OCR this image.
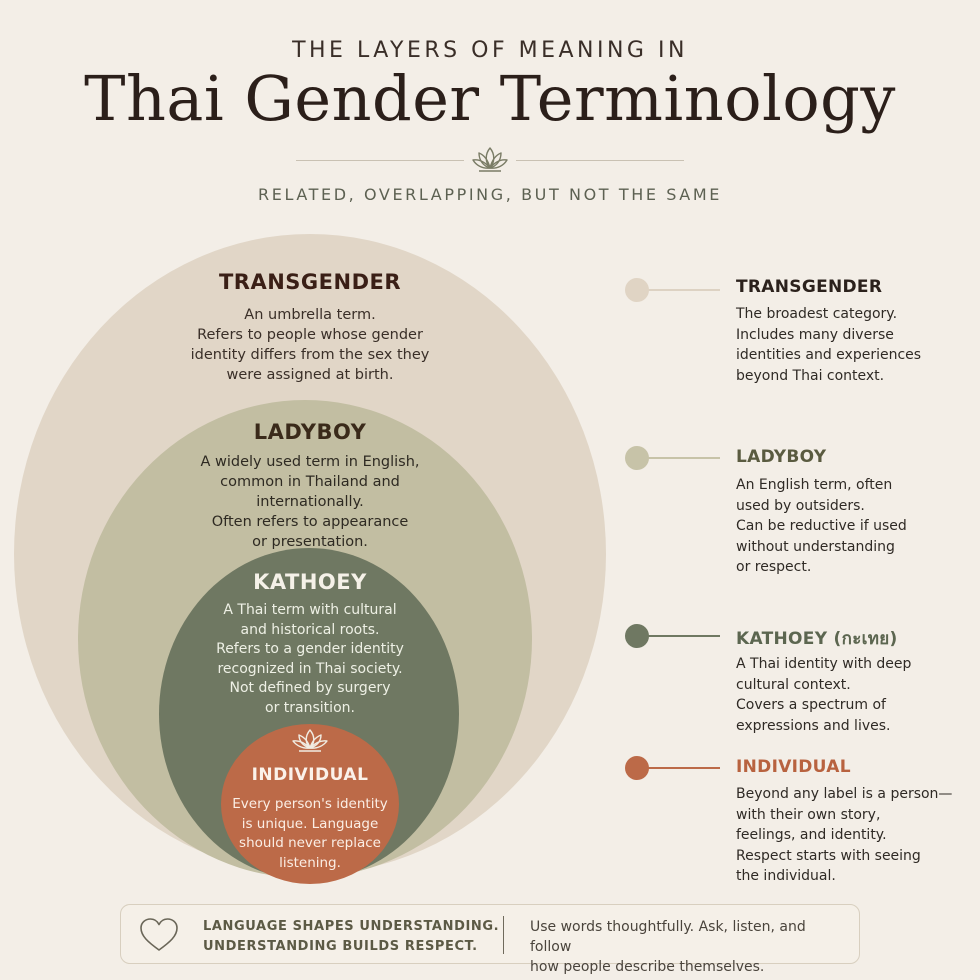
THE LAYERS OF MEANING IN
Thai Gender Terminology
RELATED, OVERLAPPING, BUT NOT THE SAME
TRANSGENDER
An umbrella term.
Refers to people whose gender
identity differs from the sex they
were assigned at birth.
LADYBOY
A widely used term in English,
common in Thailand and
internationally.
Often refers to appearance
or presentation.
KATHOEY
A Thai term with cultural
and historical roots.
Refers to a gender identity
recognized in Thai society.
Not defined by surgery
or transition.
INDIVIDUAL
Every person's identity
is unique. Language
should never replace
listening.
TRANSGENDER
The broadest category.
Includes many diverse
identities and experiences
beyond Thai context.
LADYBOY
An English term, often
used by outsiders.
Can be reductive if used
without understanding
or respect.
KATHOEY (กะเทย)
A Thai identity with deep
cultural context.
Covers a spectrum of
expressions and lives.
INDIVIDUAL
Beyond any label is a person—
with their own story,
feelings, and identity.
Respect starts with seeing
the individual.
LANGUAGE SHAPES UNDERSTANDING.
UNDERSTANDING BUILDS RESPECT.
Use words thoughtfully. Ask, listen, and follow
how people describe themselves.
